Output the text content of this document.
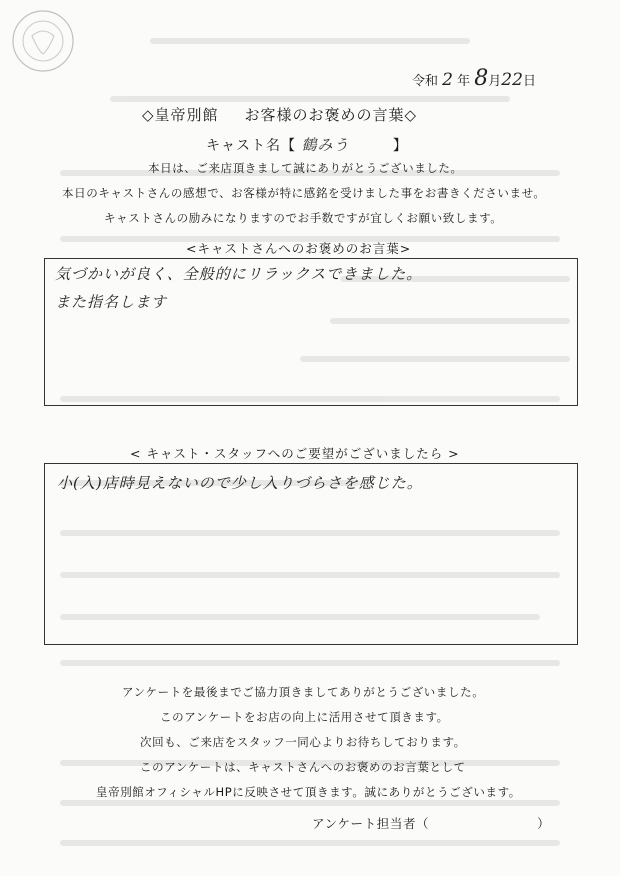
令和 2 年 8月22日
◇皇帝別館 お客様のお褒めの言葉◇
キャスト名【 鶴みう	】
本日は、ご来店頂きまして誠にありがとうございました。
本日のキャストさんの感想で、お客様が特に感銘を受けました事をお書きくださいませ。
キャストさんの励みになりますのでお手数ですが宜しくお願い致します。
<キャストさんへのお褒めのお言葉>
気づかいが良く、全般的にリラックスできました。
また指名します
< キャスト・スタッフへのご要望がございましたら >
小(入)店時見えないので少し入りづらさを感じた。
アンケートを最後までご協力頂きましてありがとうございました。
このアンケートをお店の向上に活用させて頂きます。
次回も、ご来店をスタッフ一同心よりお待ちしております。
このアンケートは、キャストさんへのお褒めのお言葉として
皇帝別館オフィシャルHPに反映させて頂きます。誠にありがとうございます。
アンケート担当者（	）
